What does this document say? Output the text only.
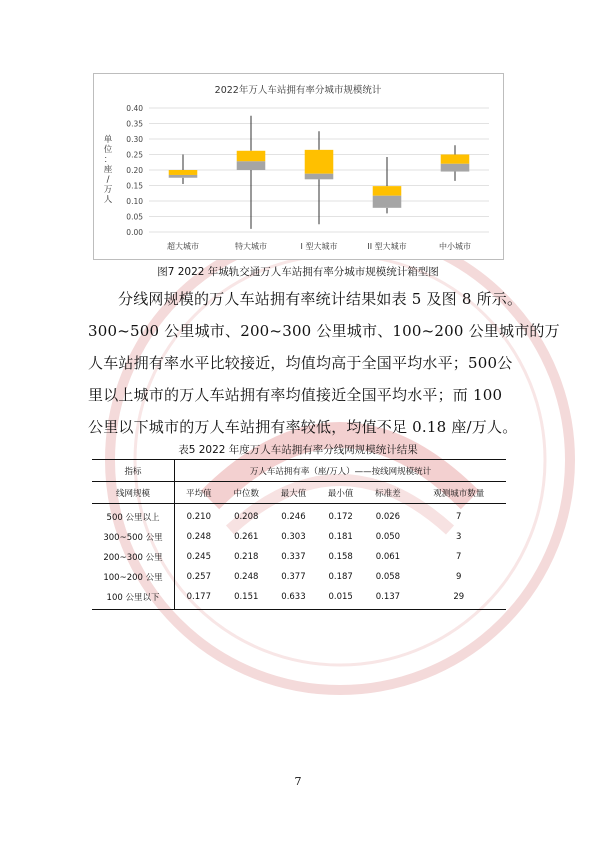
2022年万人车站拥有率分城市规模统计
0.00
0.05
0.10
0.15
0.20
0.25
0.30
0.35
0.40
单
位
：
座
/
万
人
超大城市	特大城市	I 型大城市	II 型大城市	中小城市
图7 2022 年城轨交通万人车站拥有率分城市规模统计箱型图

分线网规模的万人车站拥有率统计结果如表 5 及图 8 所示。
300~500 公里城市、200~300 公里城市、100~200 公里城市的万
人车站拥有率水平比较接近，均值均高于全国平均水平；500公
里以上城市的万人车站拥有率均值接近全国平均水平；而 100
公里以下城市的万人车站拥有率较低，均值不足 0.18 座/万人。

表5 2022 年度万人车站拥有率分线网规模统计结果
指标	万人车站拥有率（座/万人）——按线网规模统计					
线网规模	平均值	中位数	最大值	最小值	标准差	观测城市数量
500 公里以上	0.210	0.208	0.246	0.172	0.026	7
300~500 公里	0.248	0.261	0.303	0.181	0.050	3
200~300 公里	0.245	0.218	0.337	0.158	0.061	7
100~200 公里	0.257	0.248	0.377	0.187	0.058	9
100 公里以下	0.177	0.151	0.633	0.015	0.137	29
7
